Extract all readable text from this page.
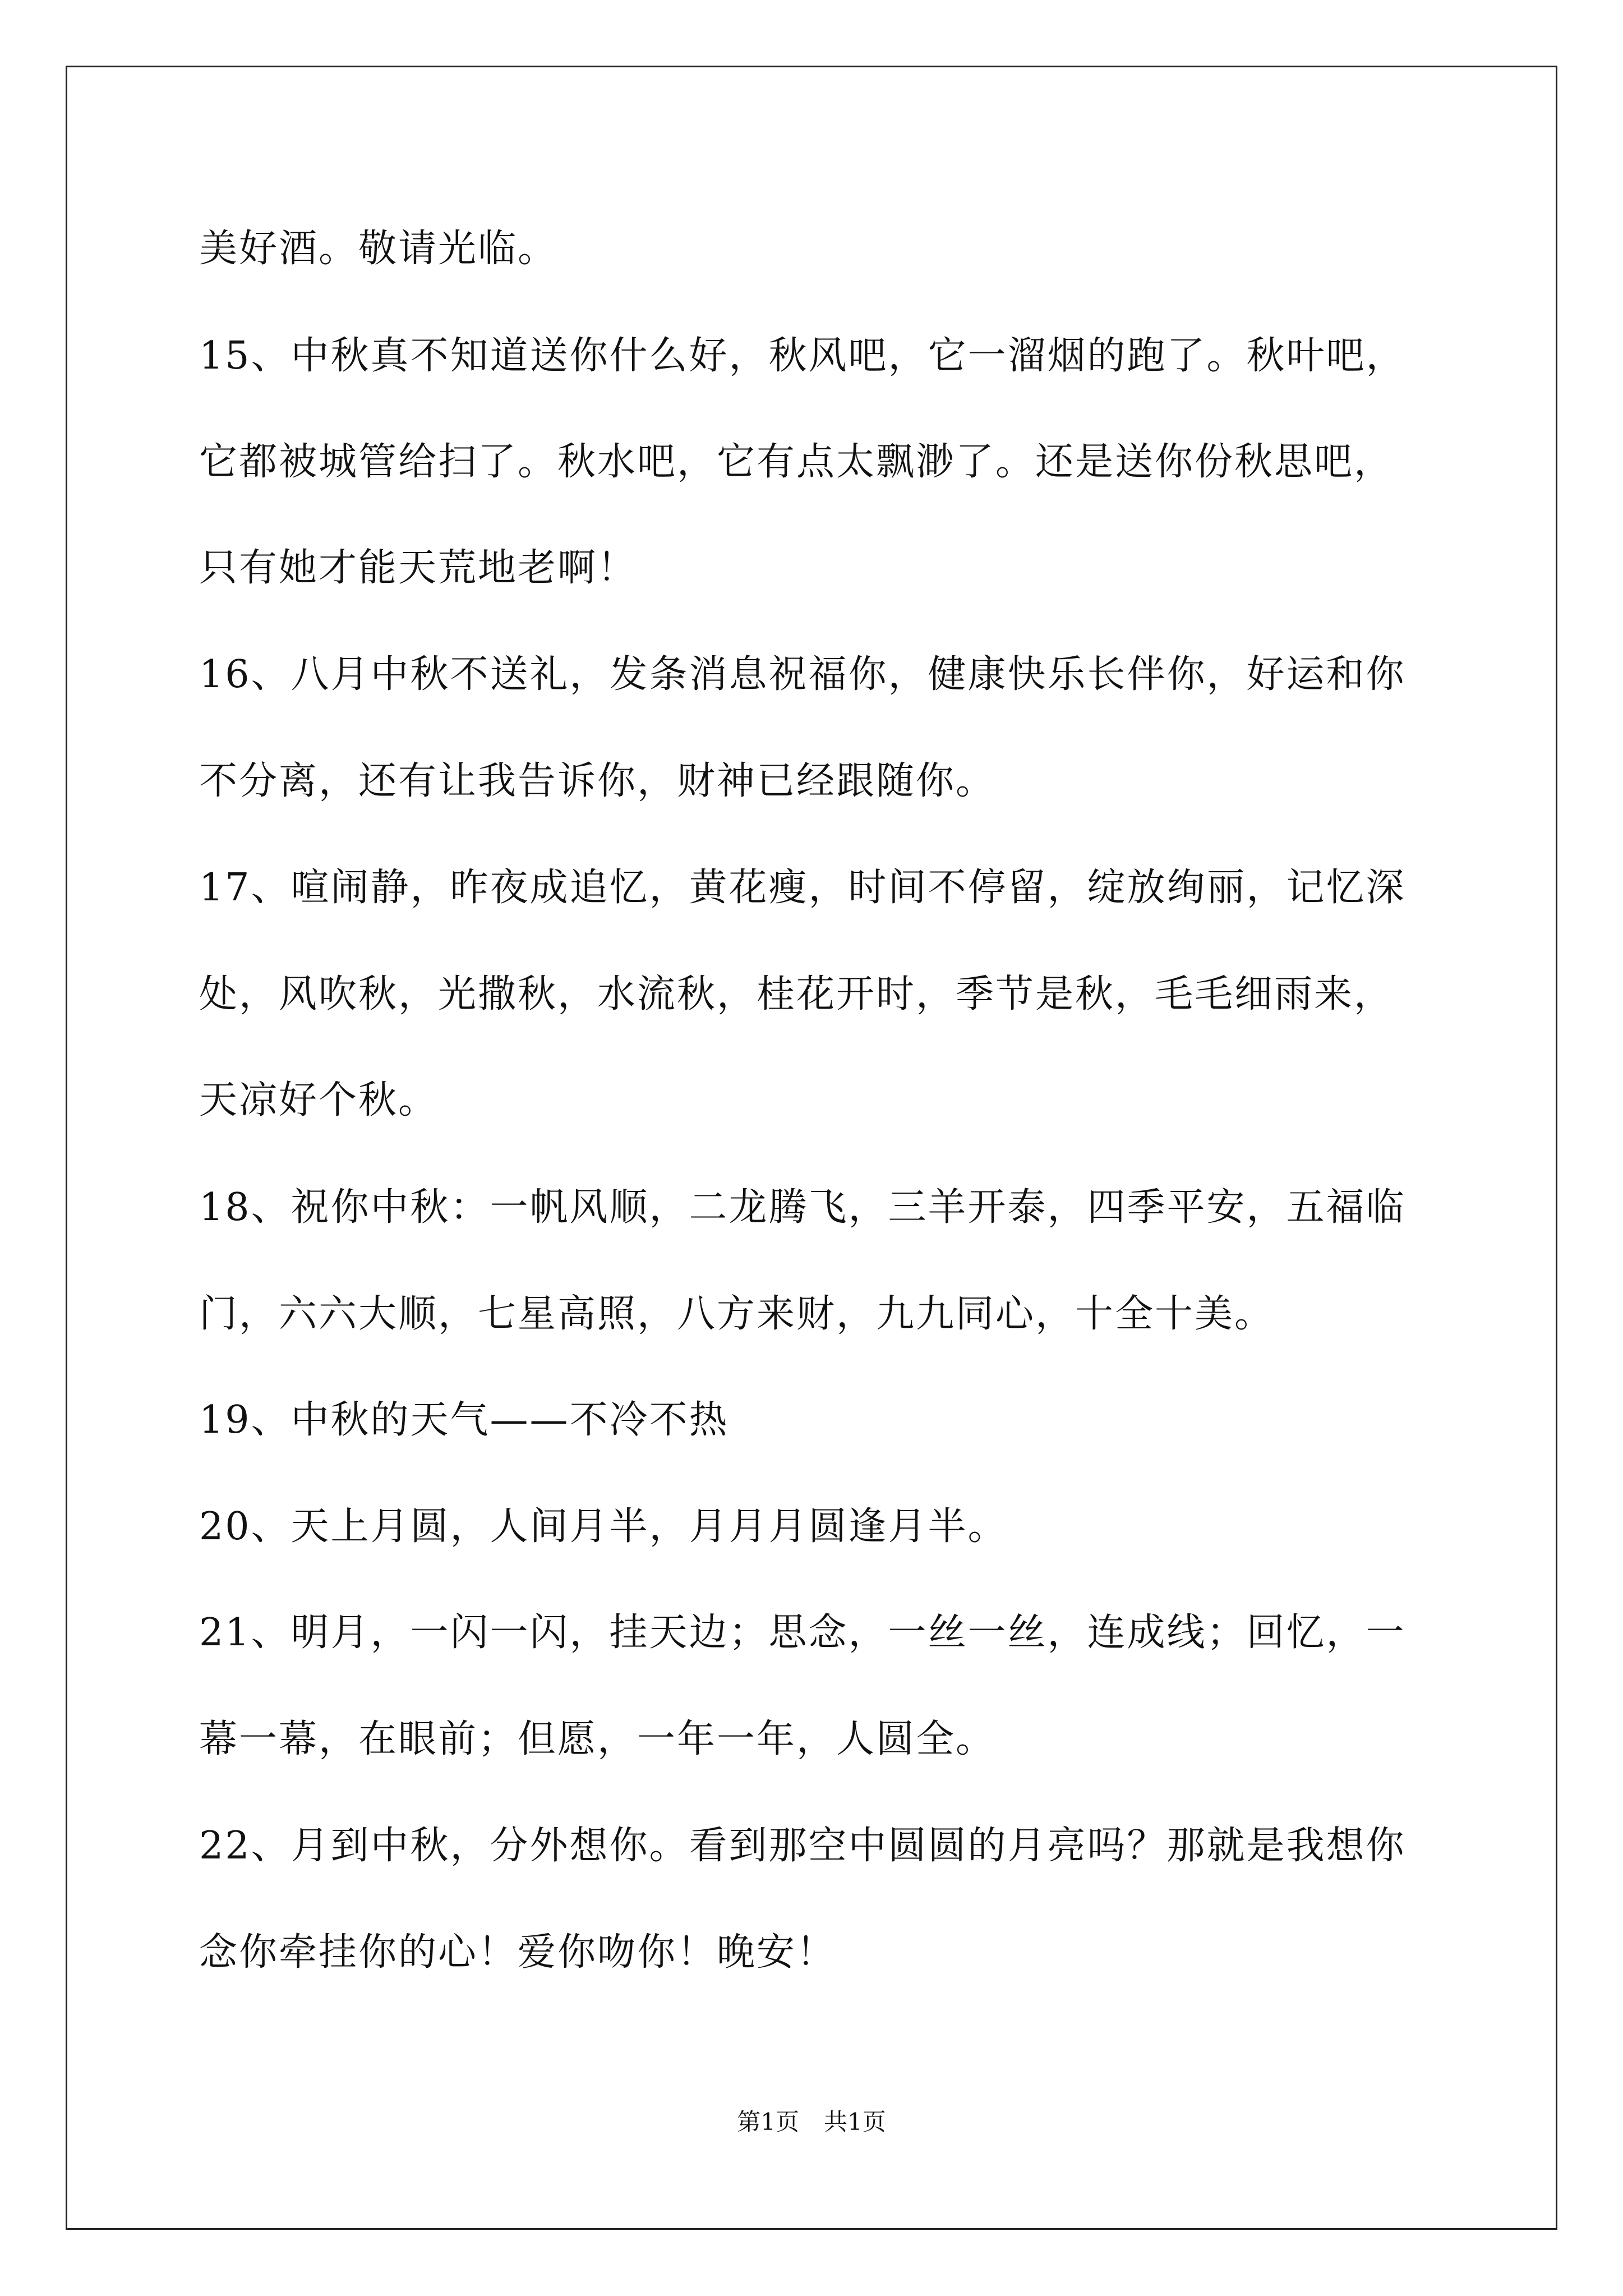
美好酒。敬请光临。
15、中秋真不知道送你什么好，秋风吧，它一溜烟的跑了。秋叶吧，
它都被城管给扫了。秋水吧，它有点太飘渺了。还是送你份秋思吧，
只有她才能天荒地老啊！
16、八月中秋不送礼，发条消息祝福你，健康快乐长伴你，好运和你
不分离，还有让我告诉你，财神已经跟随你。
17、喧闹静，昨夜成追忆，黄花瘦，时间不停留，绽放绚丽，记忆深
处，风吹秋，光撒秋，水流秋，桂花开时，季节是秋，毛毛细雨来，
天凉好个秋。
18、祝你中秋：一帆风顺，二龙腾飞，三羊开泰，四季平安，五福临
门，六六大顺，七星高照，八方来财，九九同心，十全十美。
19、中秋的天气——不冷不热
20、天上月圆，人间月半，月月月圆逢月半。
21、明月，一闪一闪，挂天边；思念，一丝一丝，连成线；回忆，一
幕一幕，在眼前；但愿，一年一年，人圆全。
22、月到中秋，分外想你。看到那空中圆圆的月亮吗？那就是我想你
念你牵挂你的心！爱你吻你！晚安！
第1页 共1页
